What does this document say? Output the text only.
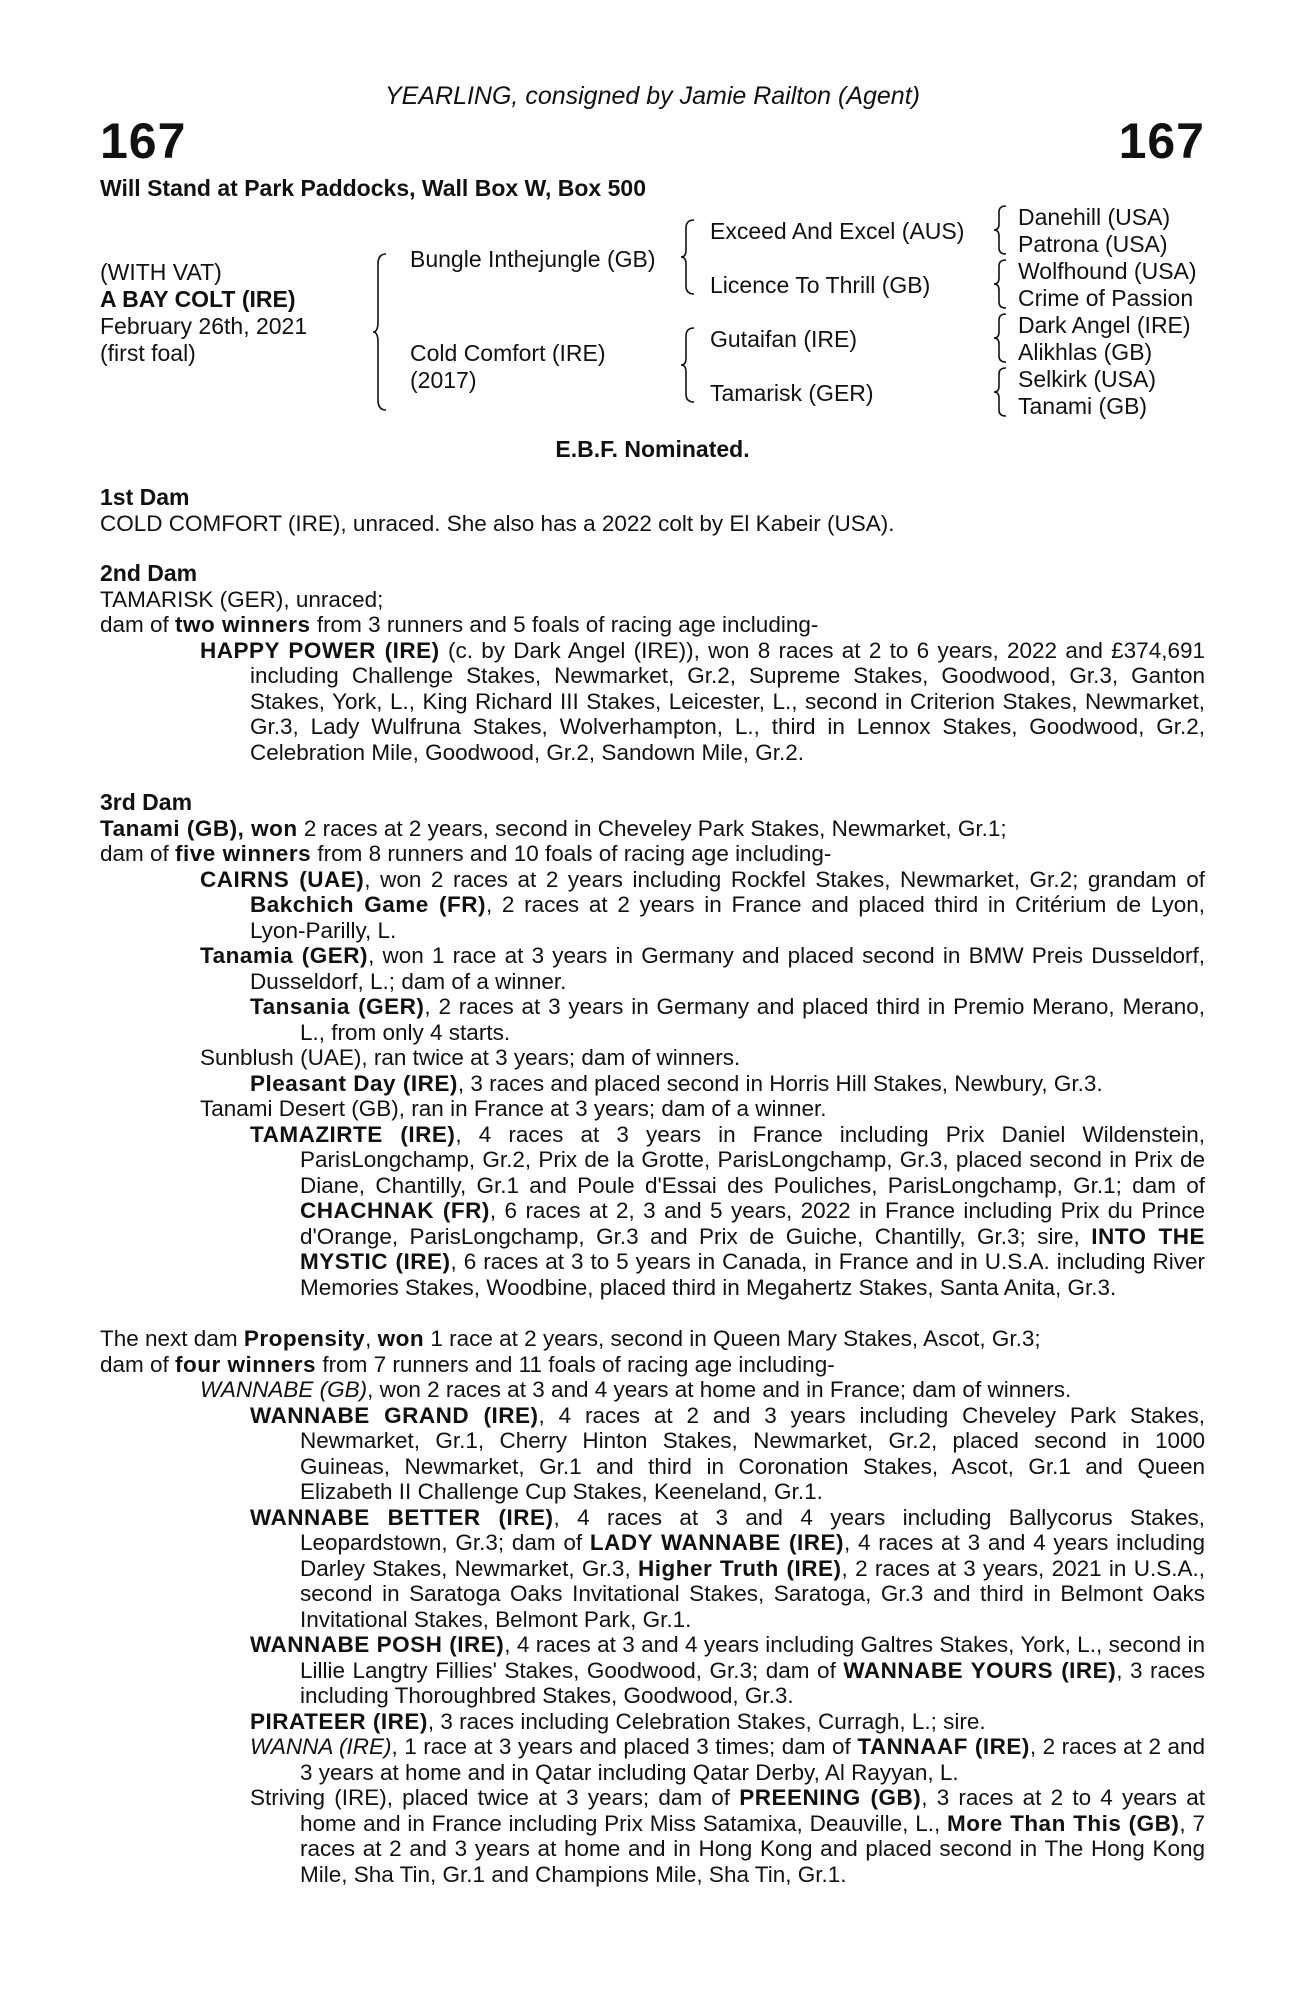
YEARLING, consigned by Jamie Railton (Agent)
167	167
Will Stand at Park Paddocks, Wall Box W, Box 500
(WITH VAT)
A BAY COLT (IRE)
February 26th, 2021
(first foal)
Bungle Inthejungle (GB)
Cold Comfort (IRE)
(2017)
Exceed And Excel (AUS)
Licence To Thrill (GB)
Gutaifan (IRE)
Tamarisk (GER)
Danehill (USA)
Patrona (USA)
Wolfhound (USA)
Crime of Passion
Dark Angel (IRE)
Alikhlas (GB)
Selkirk (USA)
Tanami (GB)
E.B.F. Nominated.
1st Dam
COLD COMFORT (IRE), unraced. She also has a 2022 colt by El Kabeir (USA).
2nd Dam
TAMARISK (GER), unraced;
dam of two winners from 3 runners and 5 foals of racing age including-
HAPPY POWER (IRE) (c. by Dark Angel (IRE)), won 8 races at 2 to 6 years, 2022 and £374,691 including Challenge Stakes, Newmarket, Gr.2, Supreme Stakes, Goodwood, Gr.3, Ganton Stakes, York, L., King Richard III Stakes, Leicester, L., second in Criterion Stakes, Newmarket, Gr.3, Lady Wulfruna Stakes, Wolverhampton, L., third in Lennox Stakes, Goodwood, Gr.2, Celebration Mile, Goodwood, Gr.2, Sandown Mile, Gr.2.
3rd Dam
Tanami (GB), won 2 races at 2 years, second in Cheveley Park Stakes, Newmarket, Gr.1;
dam of five winners from 8 runners and 10 foals of racing age including-
CAIRNS (UAE), won 2 races at 2 years including Rockfel Stakes, Newmarket, Gr.2; grandam of Bakchich Game (FR), 2 races at 2 years in France and placed third in Critérium de Lyon, Lyon-Parilly, L.
Tanamia (GER), won 1 race at 3 years in Germany and placed second in BMW Preis Dusseldorf, Dusseldorf, L.; dam of a winner.
Tansania (GER), 2 races at 3 years in Germany and placed third in Premio Merano, Merano, L., from only 4 starts.
Sunblush (UAE), ran twice at 3 years; dam of winners.
Pleasant Day (IRE), 3 races and placed second in Horris Hill Stakes, Newbury, Gr.3.
Tanami Desert (GB), ran in France at 3 years; dam of a winner.
TAMAZIRTE (IRE), 4 races at 3 years in France including Prix Daniel Wildenstein, ParisLongchamp, Gr.2, Prix de la Grotte, ParisLongchamp, Gr.3, placed second in Prix de Diane, Chantilly, Gr.1 and Poule d'Essai des Pouliches, ParisLongchamp, Gr.1; dam of CHACHNAK (FR), 6 races at 2, 3 and 5 years, 2022 in France including Prix du Prince d'Orange, ParisLongchamp, Gr.3 and Prix de Guiche, Chantilly, Gr.3; sire, INTO THE MYSTIC (IRE), 6 races at 3 to 5 years in Canada, in France and in U.S.A. including River Memories Stakes, Woodbine, placed third in Megahertz Stakes, Santa Anita, Gr.3.
The next dam Propensity, won 1 race at 2 years, second in Queen Mary Stakes, Ascot, Gr.3;
dam of four winners from 7 runners and 11 foals of racing age including-
WANNABE (GB), won 2 races at 3 and 4 years at home and in France; dam of winners.
WANNABE GRAND (IRE), 4 races at 2 and 3 years including Cheveley Park Stakes, Newmarket, Gr.1, Cherry Hinton Stakes, Newmarket, Gr.2, placed second in 1000 Guineas, Newmarket, Gr.1 and third in Coronation Stakes, Ascot, Gr.1 and Queen Elizabeth II Challenge Cup Stakes, Keeneland, Gr.1.
WANNABE BETTER (IRE), 4 races at 3 and 4 years including Ballycorus Stakes, Leopardstown, Gr.3; dam of LADY WANNABE (IRE), 4 races at 3 and 4 years including Darley Stakes, Newmarket, Gr.3, Higher Truth (IRE), 2 races at 3 years, 2021 in U.S.A., second in Saratoga Oaks Invitational Stakes, Saratoga, Gr.3 and third in Belmont Oaks Invitational Stakes, Belmont Park, Gr.1.
WANNABE POSH (IRE), 4 races at 3 and 4 years including Galtres Stakes, York, L., second in Lillie Langtry Fillies' Stakes, Goodwood, Gr.3; dam of WANNABE YOURS (IRE), 3 races including Thoroughbred Stakes, Goodwood, Gr.3.
PIRATEER (IRE), 3 races including Celebration Stakes, Curragh, L.; sire.
WANNA (IRE), 1 race at 3 years and placed 3 times; dam of TANNAAF (IRE), 2 races at 2 and 3 years at home and in Qatar including Qatar Derby, Al Rayyan, L.
Striving (IRE), placed twice at 3 years; dam of PREENING (GB), 3 races at 2 to 4 years at home and in France including Prix Miss Satamixa, Deauville, L., More Than This (GB), 7 races at 2 and 3 years at home and in Hong Kong and placed second in The Hong Kong Mile, Sha Tin, Gr.1 and Champions Mile, Sha Tin, Gr.1.
